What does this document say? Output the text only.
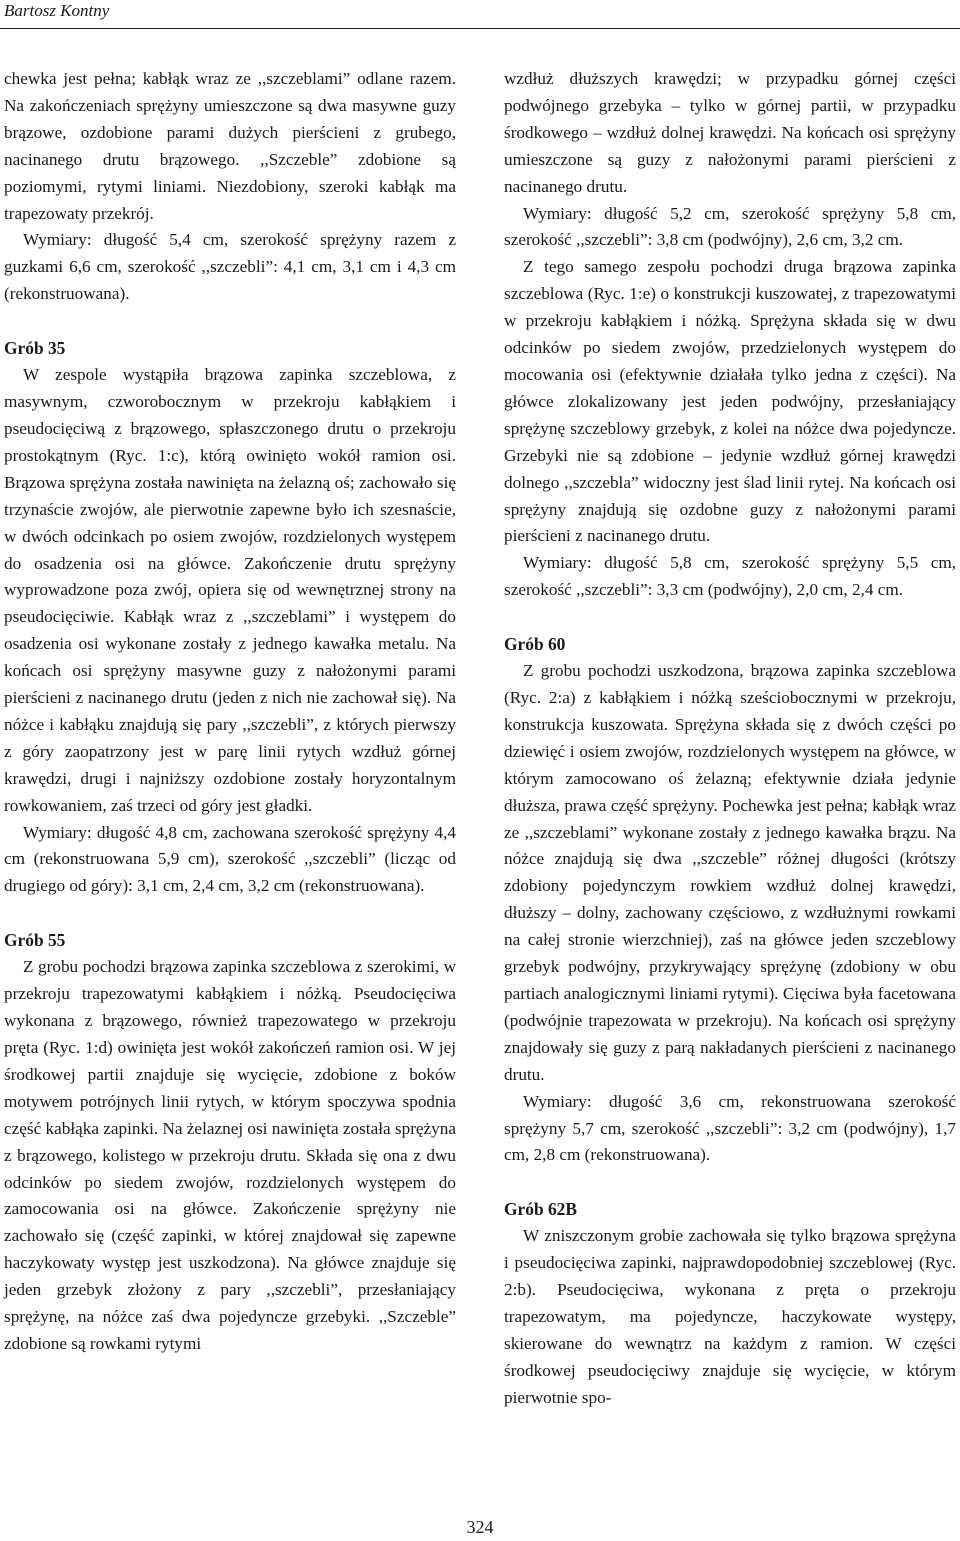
Bartosz Kontny

chewka jest pełna; kabłąk wraz ze ,,szczeblami” odlane razem. Na zakończeniach sprężyny umieszczone są dwa masywne guzy brązowe, ozdobione parami dużych pierścieni z grubego, nacinanego drutu brązowego. ,,Szczeble” zdobione są poziomymi, rytymi liniami. Niezdobiony, szeroki kabłąk ma trapezowaty przekrój.

Wymiary: długość 5,4 cm, szerokość sprężyny razem z guzkami 6,6 cm, szerokość ,,szczebli”: 4,1 cm, 3,1 cm i 4,3 cm (rekonstruowana).

Grób 35

W zespole wystąpiła brązowa zapinka szczeblowa, z masywnym, czworobocznym w przekroju kabłąkiem i pseudocięciwą z brązowego, spłaszczonego drutu o przekroju prostokątnym (Ryc. 1:c), którą owinięto wokół ramion osi. Brązowa sprężyna została nawinięta na żelazną oś; zachowało się trzynaście zwojów, ale pierwotnie zapewne było ich szesnaście, w dwóch odcinkach po osiem zwojów, rozdzielonych występem do osadzenia osi na główce. Zakończenie drutu sprężyny wyprowadzone poza zwój, opiera się od wewnętrznej strony na pseudocięciwie. Kabłąk wraz z ,,szczeblami” i występem do osadzenia osi wykonane zostały z jednego kawałka metalu. Na końcach osi sprężyny masywne guzy z nałożonymi parami pierścieni z nacinanego drutu (jeden z nich nie zachował się). Na nóżce i kabłąku znajdują się pary ,,szczebli”, z których pierwszy z góry zaopatrzony jest w parę linii rytych wzdłuż górnej krawędzi, drugi i najniższy ozdobione zostały horyzontalnym rowkowaniem, zaś trzeci od góry jest gładki.

Wymiary: długość 4,8 cm, zachowana szerokość sprężyny 4,4 cm (rekonstruowana 5,9 cm), szerokość ,,szczebli” (licząc od drugiego od góry): 3,1 cm, 2,4 cm, 3,2 cm (rekonstruowana).

Grób 55

Z grobu pochodzi brązowa zapinka szczeblowa z szerokimi, w przekroju trapezowatymi kabłąkiem i nóżką. Pseudocięciwa wykonana z brązowego, również trapezowatego w przekroju pręta (Ryc. 1:d) owinięta jest wokół zakończeń ramion osi. W jej środkowej partii znajduje się wycięcie, zdobione z boków motywem potrójnych linii rytych, w którym spoczywa spodnia część kabłąka zapinki. Na żelaznej osi nawinięta została sprężyna z brązowego, kolistego w przekroju drutu. Składa się ona z dwu odcinków po siedem zwojów, rozdzielonych występem do zamocowania osi na główce. Zakończenie sprężyny nie zachowało się (część zapinki, w której znajdował się zapewne haczykowaty występ jest uszkodzona). Na główce znajduje się jeden grzebyk złożony z pary ,,szczebli”, przesłaniający sprężynę, na nóżce zaś dwa pojedyncze grzebyki. ,,Szczeble” zdobione są rowkami rytymi

wzdłuż dłuższych krawędzi; w przypadku górnej części podwójnego grzebyka – tylko w górnej partii, w przypadku środkowego – wzdłuż dolnej krawędzi. Na końcach osi sprężyny umieszczone są guzy z nałożonymi parami pierścieni z nacinanego drutu.

Wymiary: długość 5,2 cm, szerokość sprężyny 5,8 cm, szerokość ,,szczebli”: 3,8 cm (podwójny), 2,6 cm, 3,2 cm.

Z tego samego zespołu pochodzi druga brązowa zapinka szczeblowa (Ryc. 1:e) o konstrukcji kuszowatej, z trapezowatymi w przekroju kabłąkiem i nóżką. Sprężyna składa się w dwu odcinków po siedem zwojów, przedzielonych występem do mocowania osi (efektywnie działała tylko jedna z części). Na główce zlokalizowany jest jeden podwójny, przesłaniający sprężynę szczeblowy grzebyk, z kolei na nóżce dwa pojedyncze. Grzebyki nie są zdobione – jedynie wzdłuż górnej krawędzi dolnego ,,szczebla” widoczny jest ślad linii rytej. Na końcach osi sprężyny znajdują się ozdobne guzy z nałożonymi parami pierścieni z nacinanego drutu.

Wymiary: długość 5,8 cm, szerokość sprężyny 5,5 cm, szerokość ,,szczebli”: 3,3 cm (podwójny), 2,0 cm, 2,4 cm.

Grób 60

Z grobu pochodzi uszkodzona, brązowa zapinka szczeblowa (Ryc. 2:a) z kabłąkiem i nóżką sześciobocznymi w przekroju, konstrukcja kuszowata. Sprężyna składa się z dwóch części po dziewięć i osiem zwojów, rozdzielonych występem na główce, w którym zamocowano oś żelazną; efektywnie działa jedynie dłuższa, prawa część sprężyny. Pochewka jest pełna; kabłąk wraz ze ,,szczeblami” wykonane zostały z jednego kawałka brązu. Na nóżce znajdują się dwa ,,szczeble” różnej długości (krótszy zdobiony pojedynczym rowkiem wzdłuż dolnej krawędzi, dłuższy – dolny, zachowany częściowo, z wzdłużnymi rowkami na całej stronie wierzchniej), zaś na główce jeden szczeblowy grzebyk podwójny, przykrywający sprężynę (zdobiony w obu partiach analogicznymi liniami rytymi). Cięciwa była facetowana (podwójnie trapezowata w przekroju). Na końcach osi sprężyny znajdowały się guzy z parą nakładanych pierścieni z nacinanego drutu.

Wymiary: długość 3,6 cm, rekonstruowana szerokość sprężyny 5,7 cm, szerokość ,,szczebli”: 3,2 cm (podwójny), 1,7 cm, 2,8 cm (rekonstruowana).

Grób 62B

W zniszczonym grobie zachowała się tylko brązowa sprężyna i pseudocięciwa zapinki, najprawdopodobniej szczeblowej (Ryc. 2:b). Pseudocięciwa, wykonana z pręta o przekroju trapezowatym, ma pojedyncze, haczykowate występy, skierowane do wewnątrz na każdym z ramion. W części środkowej pseudocięciwy znajduje się wycięcie, w którym pierwotnie spo-

324
